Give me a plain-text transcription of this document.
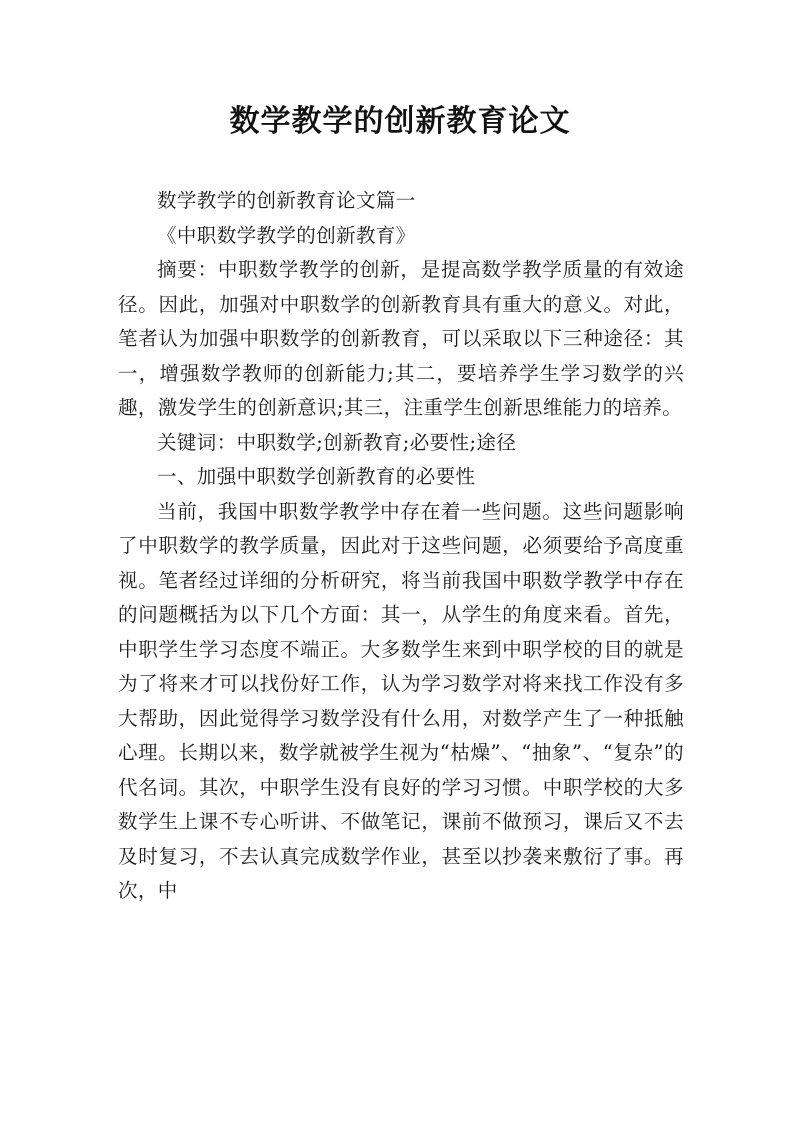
数学教学的创新教育论文

数学教学的创新教育论文篇一

《中职数学教学的创新教育》

摘要：中职数学教学的创新，是提高数学教学质量的有效途径。因此，加强对中职数学的创新教育具有重大的意义。对此，笔者认为加强中职数学的创新教育，可以采取以下三种途径：其一，增强数学教师的创新能力;其二，要培养学生学习数学的兴趣，激发学生的创新意识;其三，注重学生创新思维能力的培养。

关键词：中职数学;创新教育;必要性;途径

一、加强中职数学创新教育的必要性

当前，我国中职数学教学中存在着一些问题。这些问题影响了中职数学的教学质量，因此对于这些问题，必须要给予高度重视。笔者经过详细的分析研究，将当前我国中职数学教学中存在的问题概括为以下几个方面：其一，从学生的角度来看。首先，中职学生学习态度不端正。大多数学生来到中职学校的目的就是为了将来才可以找份好工作，认为学习数学对将来找工作没有多大帮助，因此觉得学习数学没有什么用，对数学产生了一种抵触心理。长期以来，数学就被学生视为“枯燥”、“抽象”、“复杂”的代名词。其次，中职学生没有良好的学习习惯。中职学校的大多数学生上课不专心听讲、不做笔记，课前不做预习，课后又不去及时复习，不去认真完成数学作业，甚至以抄袭来敷衍了事。再次，中
